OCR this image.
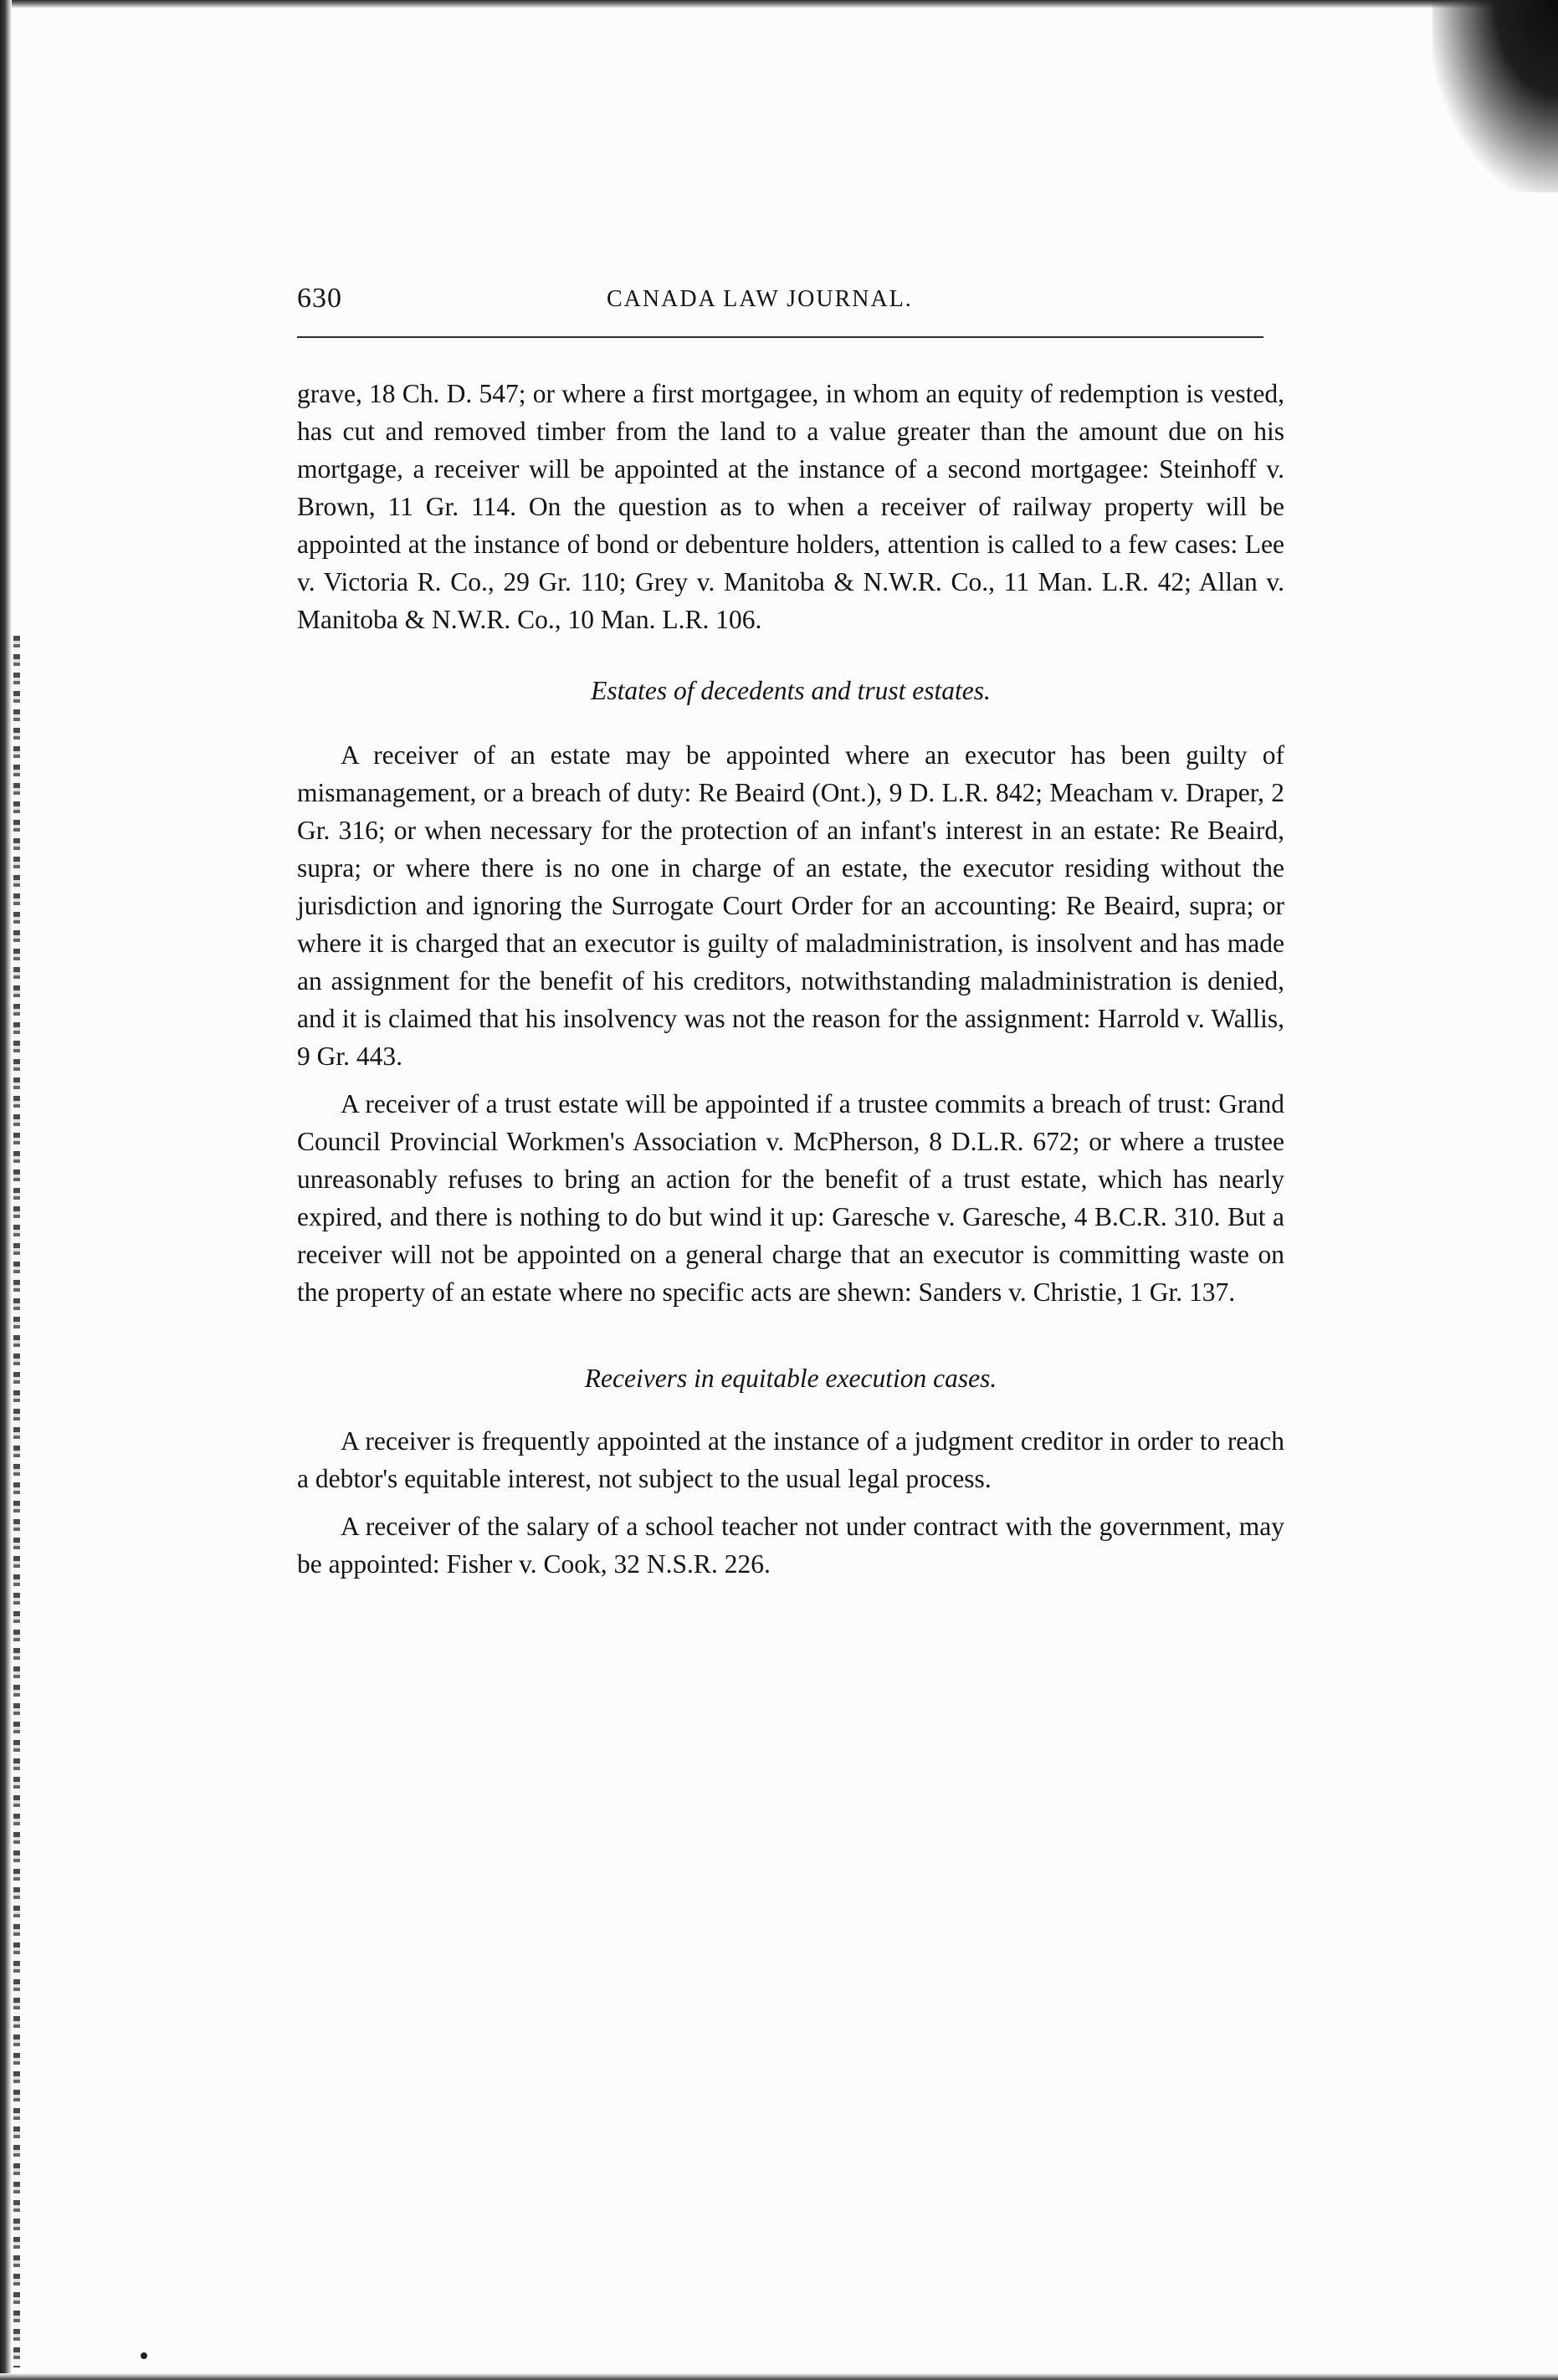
630	CANADA LAW JOURNAL.

grave, 18 Ch. D. 547; or where a first mortgagee, in whom an equity of redemption is vested, has cut and removed timber from the land to a value greater than the amount due on his mortgage, a receiver will be appointed at the instance of a second mortgagee: Steinhoff v. Brown, 11 Gr. 114. On the question as to when a receiver of railway property will be appointed at the instance of bond or debenture holders, attention is called to a few cases: Lee v. Victoria R. Co., 29 Gr. 110; Grey v. Manitoba & N.W.R. Co., 11 Man. L.R. 42; Allan v. Manitoba & N.W.R. Co., 10 Man. L.R. 106.

Estates of decedents and trust estates.

A receiver of an estate may be appointed where an executor has been guilty of mismanagement, or a breach of duty: Re Beaird (Ont.), 9 D. L.R. 842; Meacham v. Draper, 2 Gr. 316; or when necessary for the protection of an infant's interest in an estate: Re Beaird, supra; or where there is no one in charge of an estate, the executor residing without the jurisdiction and ignoring the Surrogate Court Order for an accounting: Re Beaird, supra; or where it is charged that an executor is guilty of maladministration, is insolvent and has made an assignment for the benefit of his creditors, notwithstanding maladministration is denied, and it is claimed that his insolvency was not the reason for the assignment: Harrold v. Wallis, 9 Gr. 443.

A receiver of a trust estate will be appointed if a trustee commits a breach of trust: Grand Council Provincial Workmen's Association v. McPherson, 8 D.L.R. 672; or where a trustee unreasonably refuses to bring an action for the benefit of a trust estate, which has nearly expired, and there is nothing to do but wind it up: Garesche v. Garesche, 4 B.C.R. 310. But a receiver will not be appointed on a general charge that an executor is committing waste on the property of an estate where no specific acts are shewn: Sanders v. Christie, 1 Gr. 137.

Receivers in equitable execution cases.

A receiver is frequently appointed at the instance of a judgment creditor in order to reach a debtor's equitable interest, not subject to the usual legal process.

A receiver of the salary of a school teacher not under contract with the government, may be appointed: Fisher v. Cook, 32 N.S.R. 226.
